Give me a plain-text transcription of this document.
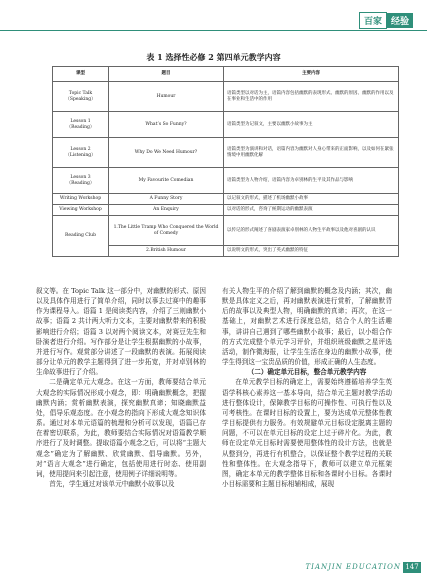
百家	经验
表 1 选择性必修 2 第四单元教学内容
课型	题目	主要内容
Topic Talk
（Speaking）	Humour	语篇类型以对话为主，语篇内容包括幽默的表现形式、幽默的原因、幽默的作用以及在事业和生活中的作用
Lesson 1
（Reading）	What’s So Funny?	语篇类型为记叙文，主要以幽默小故事为主
Lesson 2
（Listening）	Why Do We Need Humour?	语篇类型为演讲和对话，语篇内容为幽默对人身心带来的正面影响，以及如何在紧张情境中用幽默化解
Lesson 3
（Reading）	My Favourite Comedian	语篇类型为人物介绍，语篇内容为卓别林的生平及其作品与影响
Writing Workshop	A Funny Story	以记叙文的形式，描述了机场幽默小故事
Viewing Workshop	An Enquiry	以对话的形式，咨询了候期运动的幽默表演
Reading Club	1.The Little Tramp Who Conquered the World of Comedy	以传记的形式阐述了喜剧表演家卓别林的人物生平故事以及他对喜剧的认识
	2.British Humour	以说明文的形式，突出了英式幽默的特征

叙文等。在 Topic Talk 这一部分中，对幽默的形式、原因以及具体作用进行了简单介绍，同时以事去过赛中的趣事作为课程导入。语篇 1 是阅读类内容，介绍了三则幽默小故事；语篇 2 共计两大听力文本，主要对幽默带来的积极影响进行介绍；语篇 3 以对两个阅读文本，对赛豆先生和卧演者进行介绍。写作部分是让学生根据幽默的小故事，并进行写作。观赏部分讲述了一段幽默的表演。拓展阅读部分让单元的教学主题得到了进一步拓宽，并对卓别林的生命故事进行了介绍。

二是确定单元大观念。在这一方面，教师要结合单元大观念的实际情况形成小观念，即：明确幽默概念，把握幽默内涵；赏析幽默表演，探究幽默真谛；知晓幽默益处，倡导乐观态度。在小观念的指向下形成大观念知识体系。通过对本单元语篇的梳理和分析可以发现，语篇已存在着密切联系，为此，教师要结合实际情况对语篇教学顺序进行了及时调整。提取语篇小观念之后，可以将“主题大观念”确定为了解幽默、欣赏幽默、倡导幽默。另外，对“语言大观念”进行确定，包括使用进行时态、使用副词，使用提问来引起注意，使用例子详细说明等。

首先，学生通过对该单元中幽默小故事以及

有关人物生平的介绍了解到幽默的概念及内涵；其次，幽默是具体定义之后，再对幽默表演进行赏析，了解幽默背后的故事以及典型人物，明确幽默的真谛；再次，在这一基础上，对幽默艺术进行深度总结，结合个人的生活趣事，讲讲自己遇到了哪些幽默小故事；最后，以小组合作的方式完成整个单元学习评价，并组织班级幽默之星评选活动，制作微海报，让学生生活在身边的幽默小故事，使学生得到这一宝贵品质的价值，形成正确的人生态度。

（二）确定单元目标，整合单元教学内容

在单元教学目标的确定上，需要始终遵循培养学生英语学科核心素养这一基本导向，结合单元主题对教学活动进行整体设计，保障教学目标的可操作性、可执行性以及可考核性。在课时目标的设置上，要为达成单元整体性教学目标提供有力服务。有效规避单元目标设定脱离主题的问题，不可以在单元目标的设定上过于碎片化。为此，教师在设定单元目标时需要使用整体性的设计方法，也就是从整到分，再进行有机整合，以保证整个教学过程的关联性和整体性。在大观念指导下，教师可以建立单元框架图，确定本单元的教学整体目标和各课时小目标。各课时小目标需要和主题目标相辅相成，展现

TIANJIN EDUCATION 147
